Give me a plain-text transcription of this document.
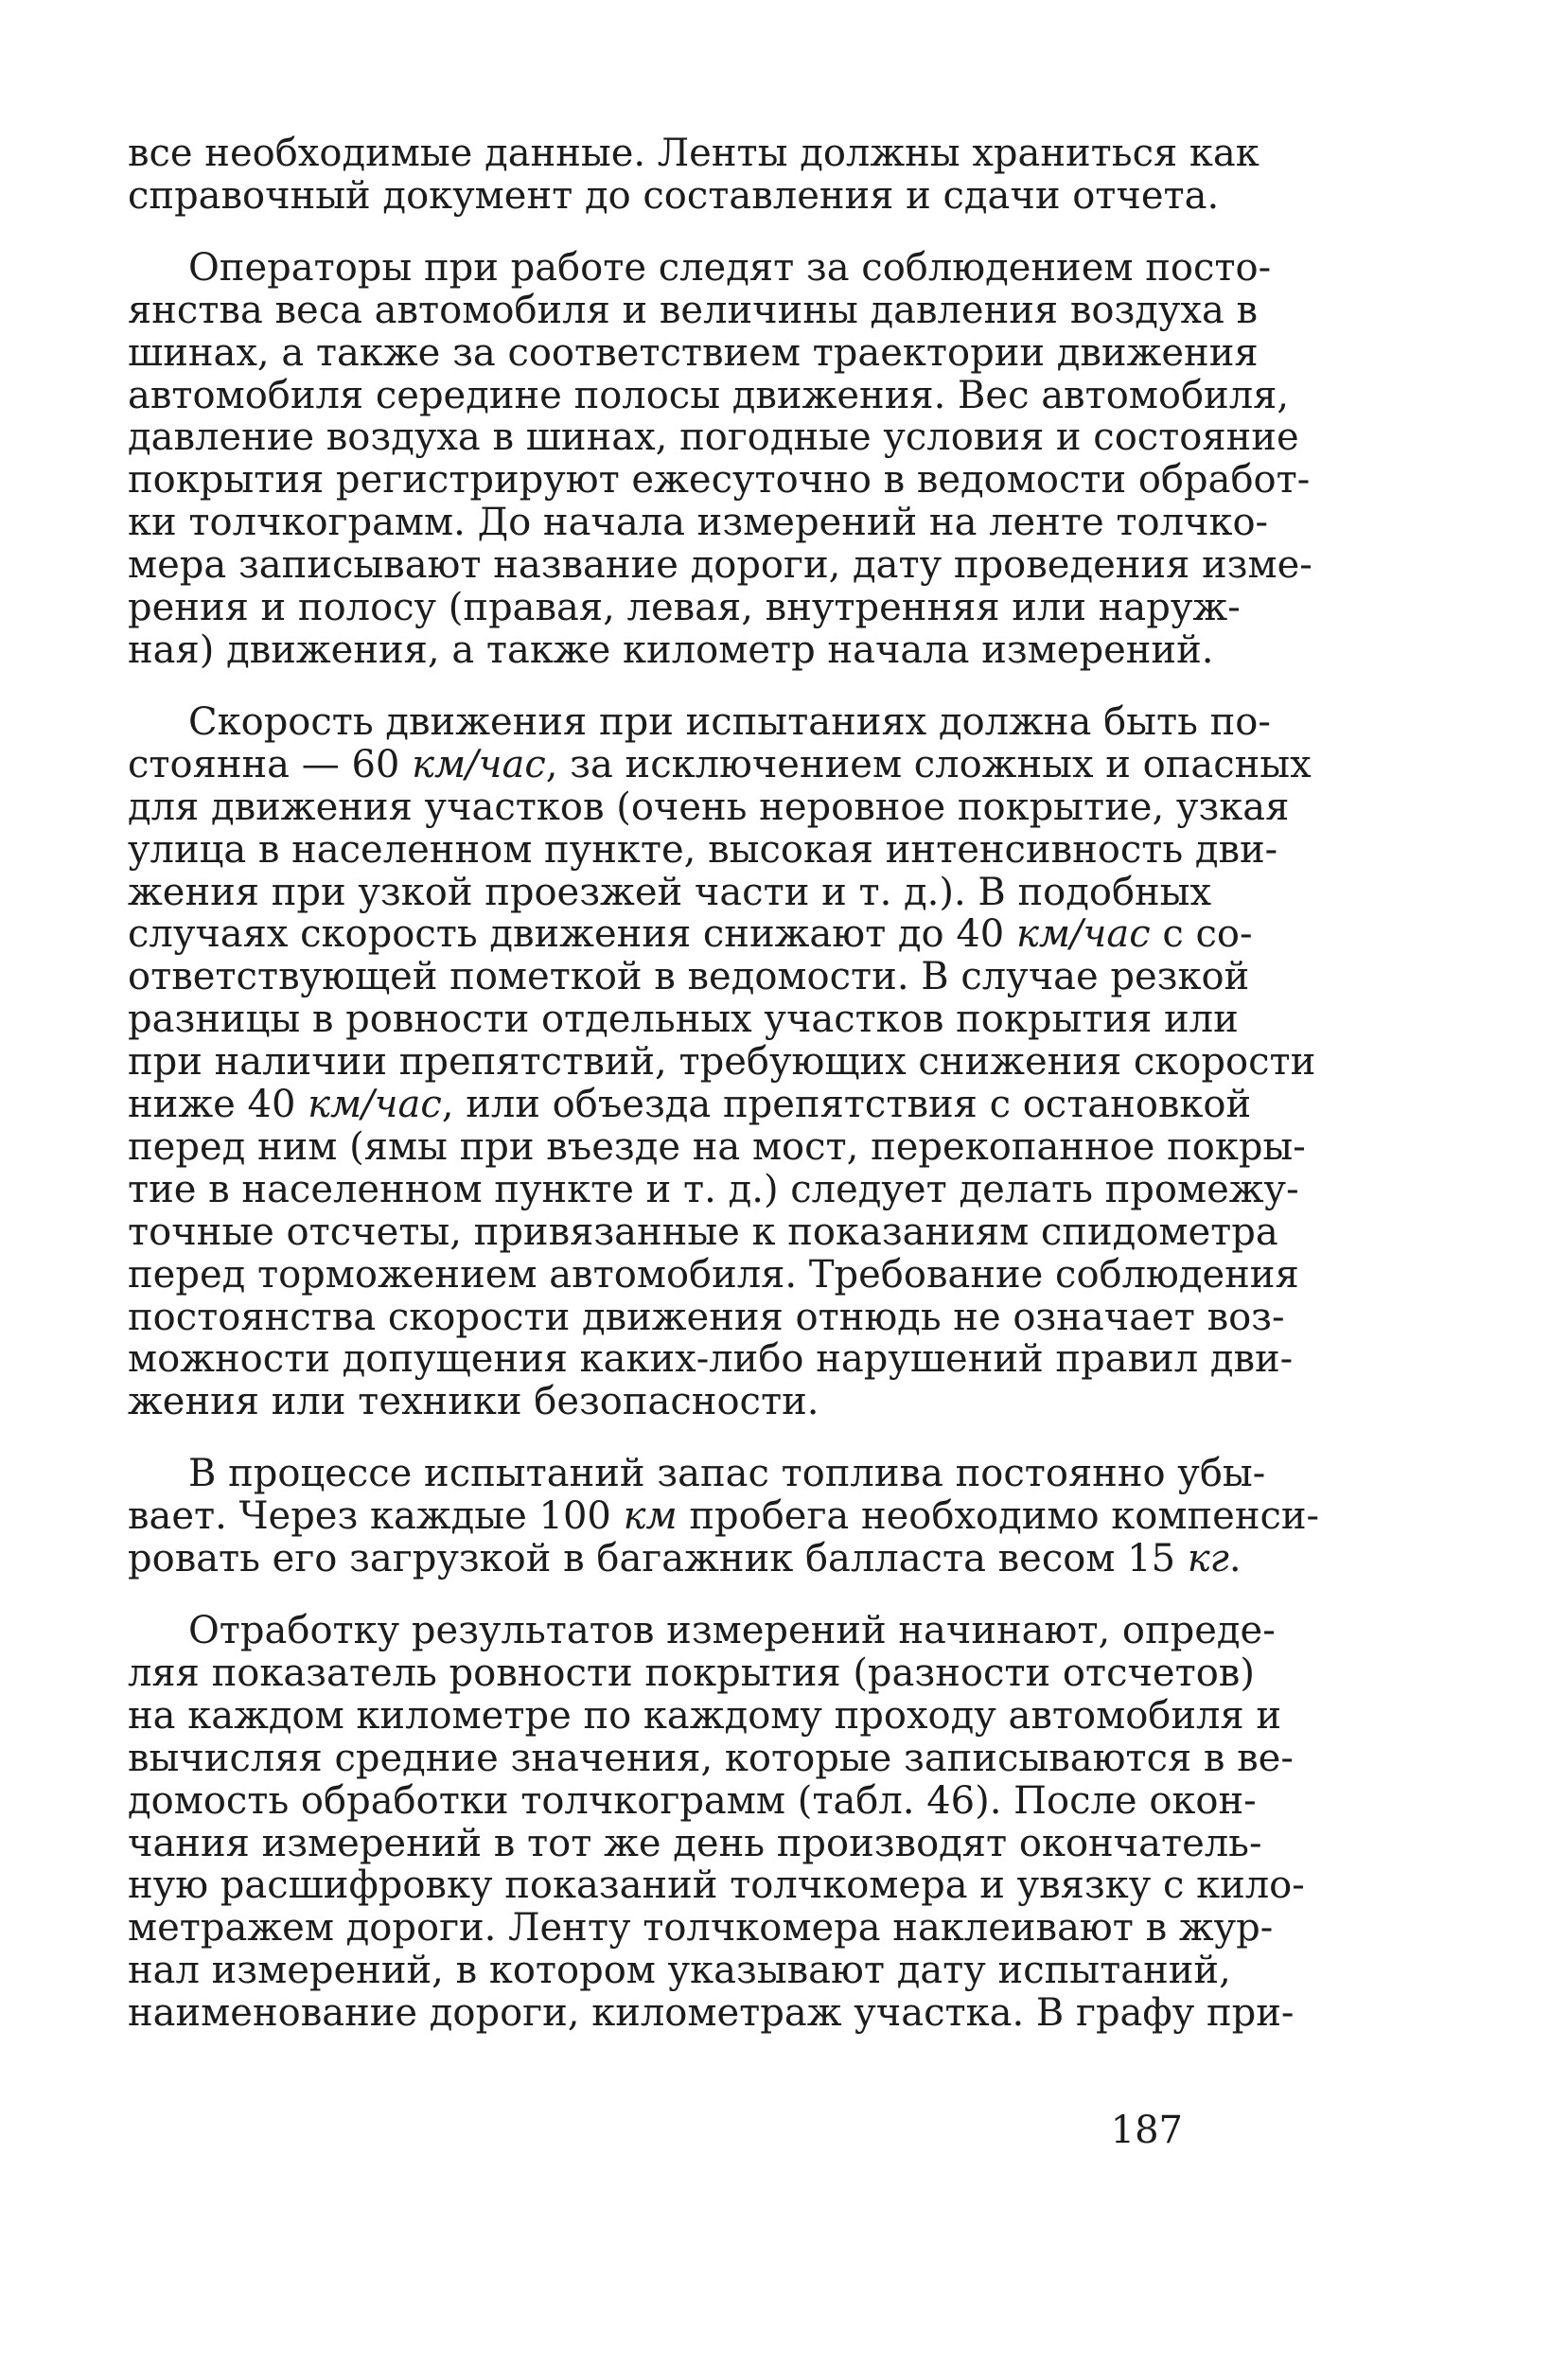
все необходимые данные. Ленты должны храниться как
справочный документ до составления и сдачи отчета.
Операторы при работе следят за соблюдением посто-
янства веса автомобиля и величины давления воздуха в
шинах, а также за соответствием траектории движения
автомобиля середине полосы движения. Вес автомобиля,
давление воздуха в шинах, погодные условия и состояние
покрытия регистрируют ежесуточно в ведомости обработ-
ки толчкограмм. До начала измерений на ленте толчко-
мера записывают название дороги, дату проведения изме-
рения и полосу (правая, левая, внутренняя или наруж-
ная) движения, а также километр начала измерений.
Скорость движения при испытаниях должна быть по-
стоянна — 60 км/час, за исключением сложных и опасных
для движения участков (очень неровное покрытие, узкая
улица в населенном пункте, высокая интенсивность дви-
жения при узкой проезжей части и т. д.). В подобных
случаях скорость движения снижают до 40 км/час с со-
ответствующей пометкой в ведомости. В случае резкой
разницы в ровности отдельных участков покрытия или
при наличии препятствий, требующих снижения скорости
ниже 40 км/час, или объезда препятствия с остановкой
перед ним (ямы при въезде на мост, перекопанное покры-
тие в населенном пункте и т. д.) следует делать промежу-
точные отсчеты, привязанные к показаниям спидометра
перед торможением автомобиля. Требование соблюдения
постоянства скорости движения отнюдь не означает воз-
можности допущения каких-либо нарушений правил дви-
жения или техники безопасности.
В процессе испытаний запас топлива постоянно убы-
вает. Через каждые 100 км пробега необходимо компенси-
ровать его загрузкой в багажник балласта весом 15 кг.
Отработку результатов измерений начинают, опреде-
ляя показатель ровности покрытия (разности отсчетов)
на каждом километре по каждому проходу автомобиля и
вычисляя средние значения, которые записываются в ве-
домость обработки толчкограмм (табл. 46). После окон-
чания измерений в тот же день производят окончатель-
ную расшифровку показаний толчкомера и увязку с кило-
метражем дороги. Ленту толчкомера наклеивают в жур-
нал измерений, в котором указывают дату испытаний,
наименование дороги, километраж участка. В графу при-
187
